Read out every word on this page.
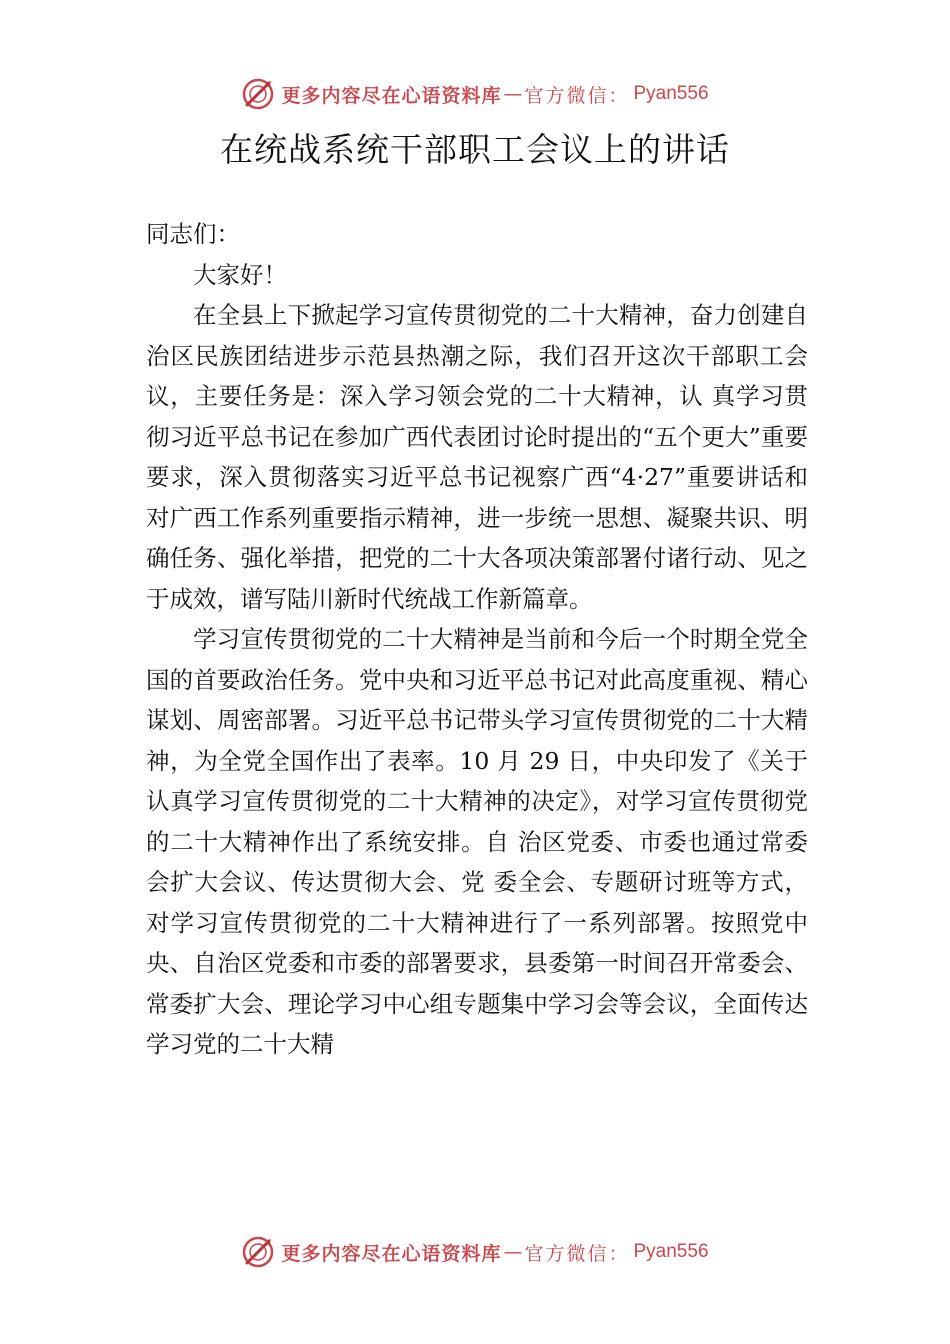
更多内容尽在心语资料库 — 官方微信： Pyan556
在统战系统干部职工会议上的讲话

同志们：

大家好！

在全县上下掀起学习宣传贯彻党的二十大精神，奋力创建自治区民族团结进步示范县热潮之际，我们召开这次干部职工会议，主要任务是：深入学习领会党的二十大精神，认 真学习贯彻习近平总书记在参加广西代表团讨论时提出的“五个更大”重要要求，深入贯彻落实习近平总书记视察广西“4·27”重要讲话和对广西工作系列重要指示精神，进一步统一思想、凝聚共识、明确任务、强化举措，把党的二十大各项决策部署付诸行动、见之于成效，谱写陆川新时代统战工作新篇章。

学习宣传贯彻党的二十大精神是当前和今后一个时期全党全国的首要政治任务。党中央和习近平总书记对此高度重视、精心谋划、周密部署。习近平总书记带头学习宣传贯彻党的二十大精神，为全党全国作出了表率。10 月 29 日，中央印发了《关于认真学习宣传贯彻党的二十大精神的决定》，对学习宣传贯彻党的二十大精神作出了系统安排。自 治区党委、市委也通过常委会扩大会议、传达贯彻大会、党 委全会、专题研讨班等方式，对学习宣传贯彻党的二十大精神进行了一系列部署。按照党中央、自治区党委和市委的部署要求，县委第一时间召开常委会、常委扩大会、理论学习中心组专题集中学习会等会议，全面传达学习党的二十大精

更多内容尽在心语资料库 — 官方微信： Pyan556
